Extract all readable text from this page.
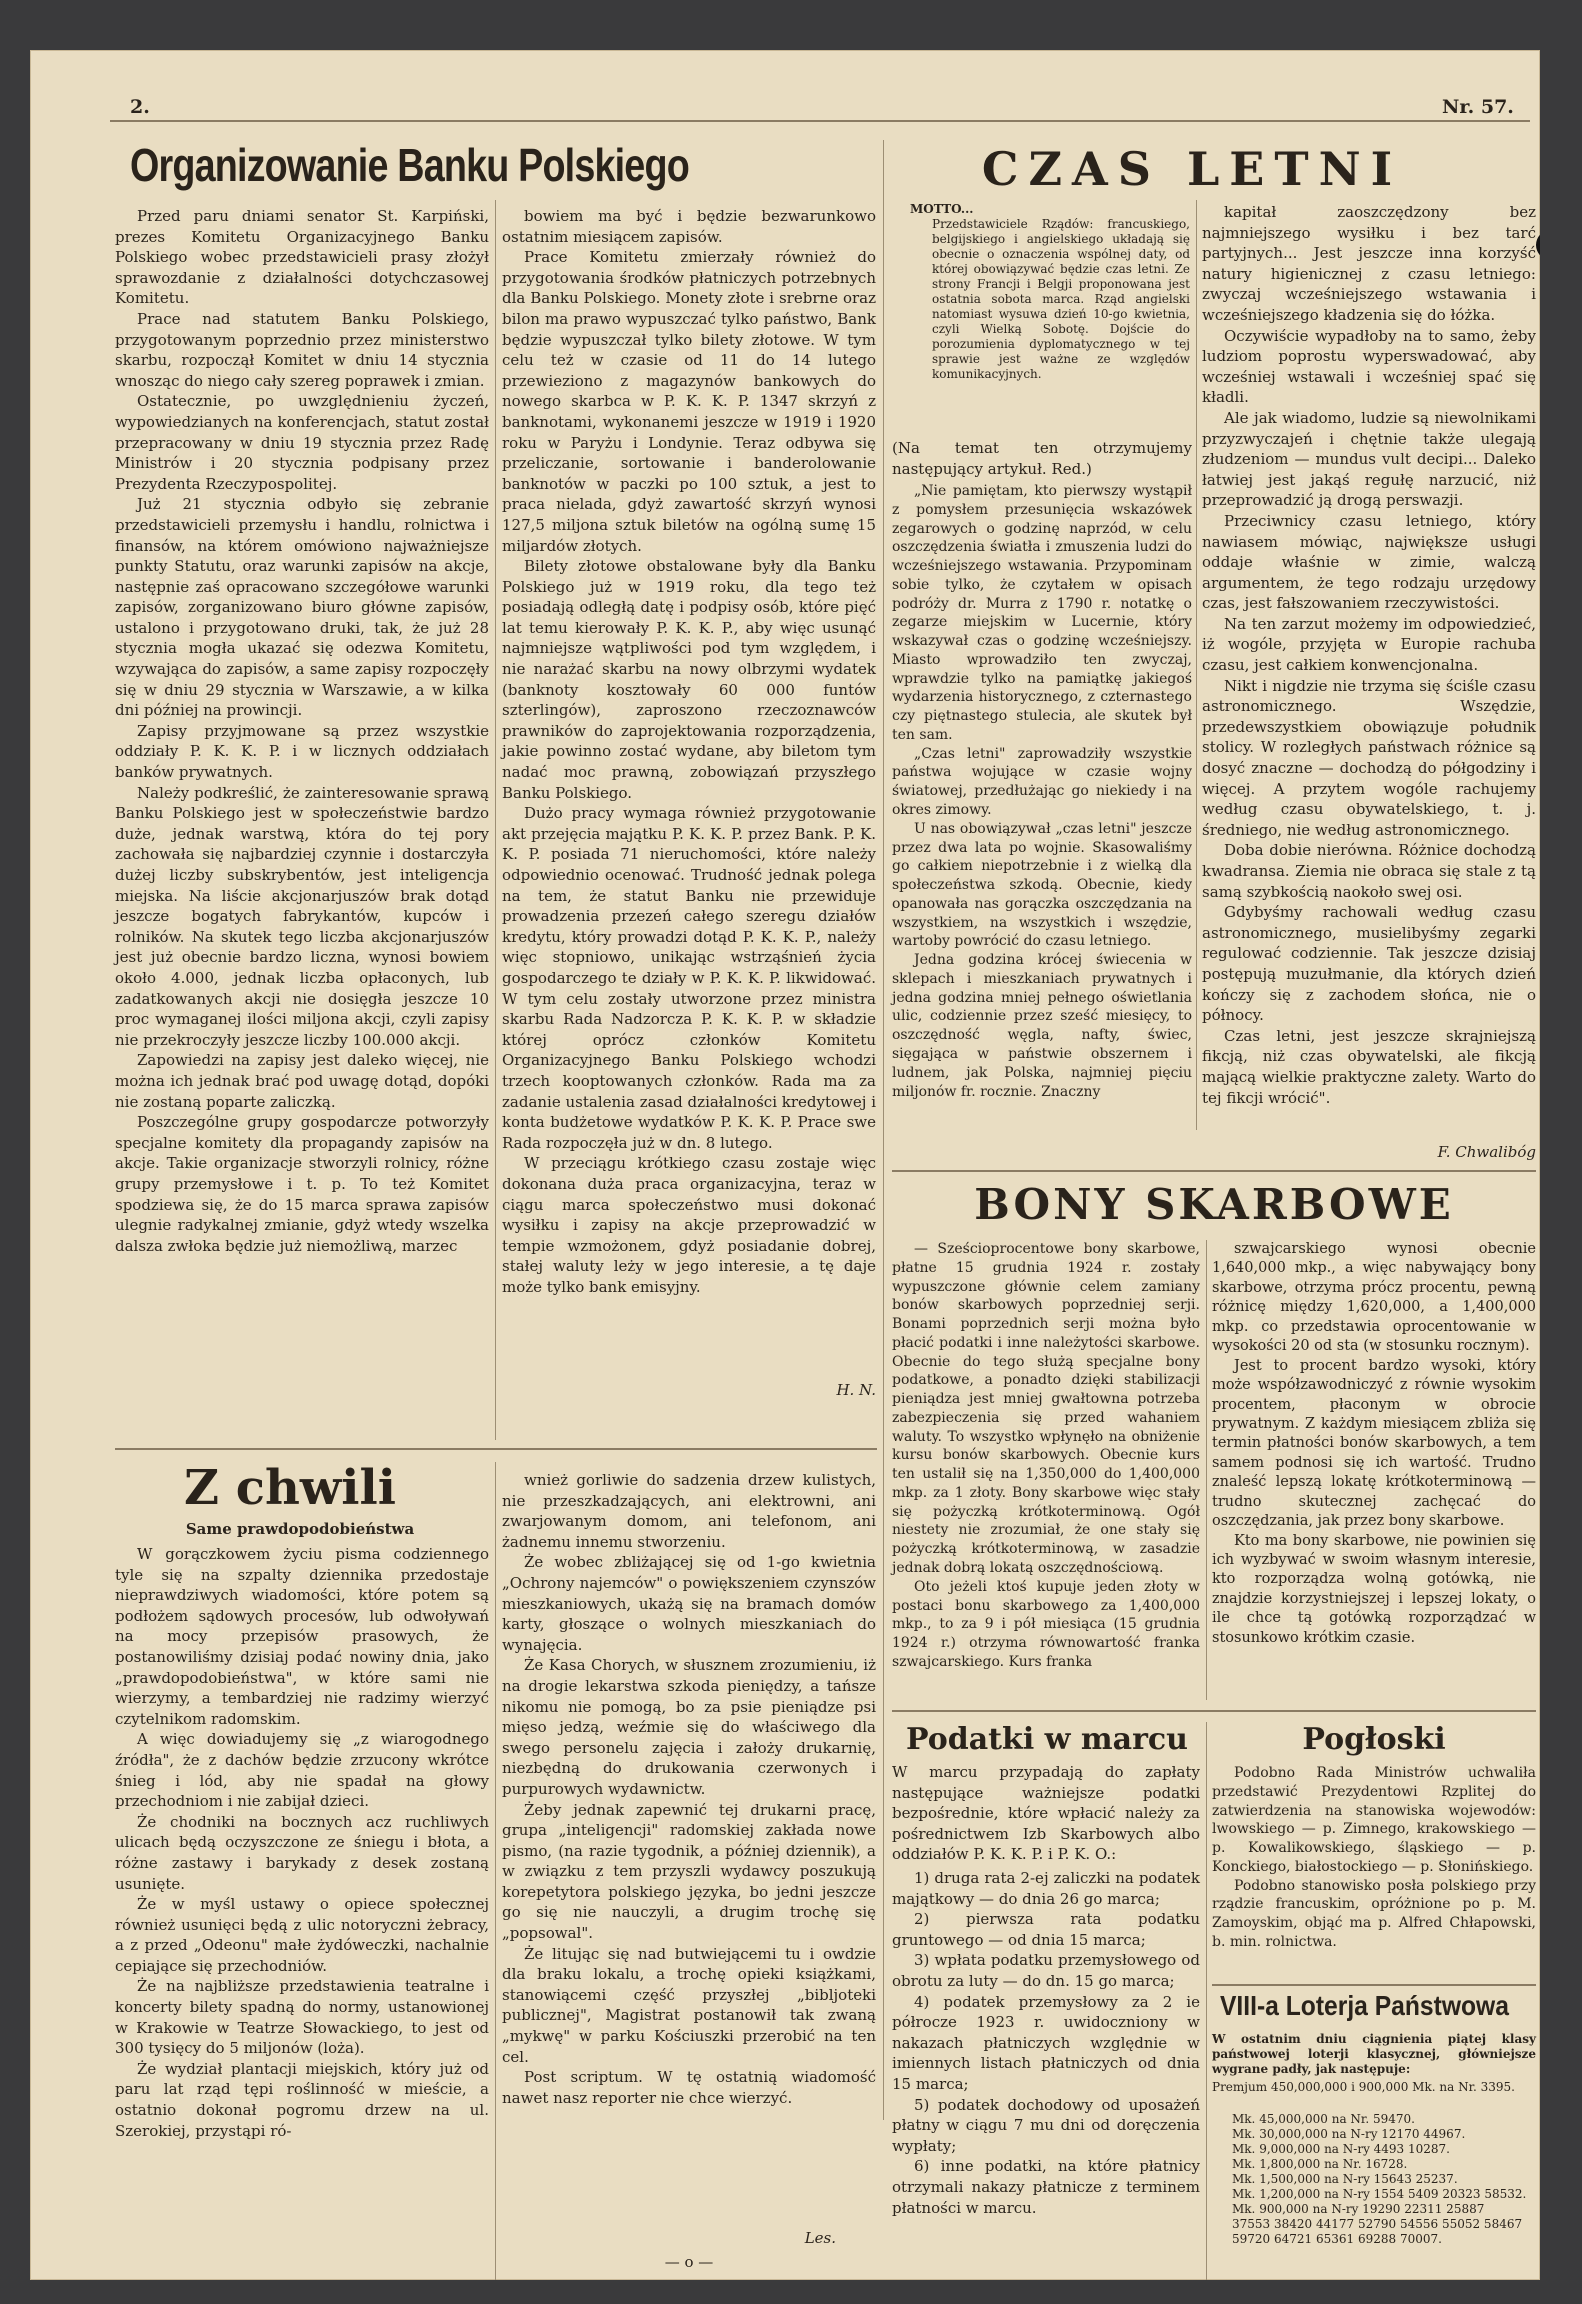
2.	Nr. 57.
Organizowanie Banku Polskiego

Przed paru dniami senator St. Karpiński, prezes Komitetu Organizacyjnego Banku Polskiego wobec przedstawicieli prasy złożył sprawozdanie z działalności dotychczasowej Komitetu.

Prace nad statutem Banku Polskiego, przygotowanym poprzednio przez ministerstwo skarbu, rozpoczął Komitet w dniu 14 stycznia wnosząc do niego cały szereg poprawek i zmian.

Ostatecznie, po uwzględnieniu życzeń, wypowiedzianych na konferencjach, statut został przepracowany w dniu 19 stycznia przez Radę Ministrów i 20 stycznia podpisany przez Prezydenta Rzeczypospolitej.

Już 21 stycznia odbyło się zebranie przedstawicieli przemysłu i handlu, rolnictwa i finansów, na którem omówiono najważniejsze punkty Statutu, oraz warunki zapisów na akcje, następnie zaś opracowano szczegółowe warunki zapisów, zorganizowano biuro główne zapisów, ustalono i przygotowano druki, tak, że już 28 stycznia mogła ukazać się odezwa Komitetu, wzywająca do zapisów, a same zapisy rozpoczęły się w dniu 29 stycznia w Warszawie, a w kilka dni później na prowincji.

Zapisy przyjmowane są przez wszystkie oddziały P. K. K. P. i w licznych oddziałach banków prywatnych.

Należy podkreślić, że zainteresowanie sprawą Banku Polskiego jest w społeczeństwie bardzo duże, jednak warstwą, która do tej pory zachowała się najbardziej czynnie i dostarczyła dużej liczby subskrybentów, jest inteligencja miejska. Na liście akcjonarjuszów brak dotąd jeszcze bogatych fabrykantów, kupców i rolników. Na skutek tego liczba akcjonarjuszów jest już obecnie bardzo liczna, wynosi bowiem około 4.000, jednak liczba opłaconych, lub zadatkowanych akcji nie dosięgła jeszcze 10 proc wymaganej ilości miljona akcji, czyli zapisy nie przekroczyły jeszcze liczby 100.000 akcji.

Zapowiedzi na zapisy jest daleko więcej, nie można ich jednak brać pod uwagę dotąd, dopóki nie zostaną poparte zaliczką.

Poszczególne grupy gospodarcze potworzyły specjalne komitety dla propagandy zapisów na akcje. Takie organizacje stworzyli rolnicy, różne grupy przemysłowe i t. p. To też Komitet spodziewa się, że do 15 marca sprawa zapisów ulegnie radykalnej zmianie, gdyż wtedy wszelka dalsza zwłoka będzie już niemożliwą, marzec

bowiem ma być i będzie bezwarunkowo ostatnim miesiącem zapisów.

Prace Komitetu zmierzały również do przygotowania środków płatniczych potrzebnych dla Banku Polskiego. Monety złote i srebrne oraz bilon ma prawo wypuszczać tylko państwo, Bank będzie wypuszczał tylko bilety złotowe. W tym celu też w czasie od 11 do 14 lutego przewieziono z magazynów bankowych do nowego skarbca w P. K. K. P. 1347 skrzyń z banknotami, wykonanemi jeszcze w 1919 i 1920 roku w Paryżu i Londynie. Teraz odbywa się przeliczanie, sortowanie i banderolowanie banknotów w paczki po 100 sztuk, a jest to praca nielada, gdyż zawartość skrzyń wynosi 127,5 miljona sztuk biletów na ogólną sumę 15 miljardów złotych.

Bilety złotowe obstalowane były dla Banku Polskiego już w 1919 roku, dla tego też posiadają odległą datę i podpisy osób, które pięć lat temu kierowały P. K. K. P., aby więc usunąć najmniejsze wątpliwości pod tym względem, i nie narażać skarbu na nowy olbrzymi wydatek (banknoty kosztowały 60 000 funtów szterlingów), zaproszono rzeczoznawców prawników do zaprojektowania rozporządzenia, jakie powinno zostać wydane, aby biletom tym nadać moc prawną, zobowiązań przyszłego Banku Polskiego.

Dużo pracy wymaga również przygotowanie akt przejęcia majątku P. K. K. P. przez Bank. P. K. K. P. posiada 71 nieruchomości, które należy odpowiednio ocenować. Trudność jednak polega na tem, że statut Banku nie przewiduje prowadzenia przezeń całego szeregu działów kredytu, który prowadzi dotąd P. K. K. P., należy więc stopniowo, unikając wstrząśnień życia gospodarczego te działy w P. K. K. P. likwidować. W tym celu zostały utworzone przez ministra skarbu Rada Nadzorcza P. K. K. P. w składzie której oprócz członków Komitetu Organizacyjnego Banku Polskiego wchodzi trzech kooptowanych członków. Rada ma za zadanie ustalenia zasad działalności kredytowej i konta budżetowe wydatków P. K. K. P. Prace swe Rada rozpoczęła już w dn. 8 lutego.

W przeciągu krótkiego czasu zostaje więc dokonana duża praca organizacyjna, teraz w ciągu marca społeczeństwo musi dokonać wysiłku i zapisy na akcje przeprowadzić w tempie wzmożonem, gdyż posiadanie dobrej, stałej waluty leży w jego interesie, a tę daje może tylko bank emisyjny.

H. N.
CZAS LETNI
MOTTO...
Przedstawiciele Rządów: francuskiego, belgijskiego i angielskiego układają się obecnie o oznaczenia wspólnej daty, od której obowiązywać będzie czas letni. Ze strony Francji i Belgji proponowana jest ostatnia sobota marca. Rząd angielski natomiast wysuwa dzień 10-go kwietnia, czyli Wielką Sobotę. Dojście do porozumienia dyplomatycznego w tej sprawie jest ważne ze względów komunikacyjnych.
(Na temat ten otrzymujemy następujący artykuł. Red.)

„Nie pamiętam, kto pierwszy wystąpił z pomysłem przesunięcia wskazówek zegarowych o godzinę naprzód, w celu oszczędzenia światła i zmuszenia ludzi do wcześniejszego wstawania. Przypominam sobie tylko, że czytałem w opisach podróży dr. Murra z 1790 r. notatkę o zegarze miejskim w Lucernie, który wskazywał czas o godzinę wcześniejszy. Miasto wprowadziło ten zwyczaj, wprawdzie tylko na pamiątkę jakiegoś wydarzenia historycznego, z czternastego czy piętnastego stulecia, ale skutek był ten sam.

„Czas letni" zaprowadziły wszystkie państwa wojujące w czasie wojny światowej, przedłużając go niekiedy i na okres zimowy.

U nas obowiązywał „czas letni" jeszcze przez dwa lata po wojnie. Skasowaliśmy go całkiem niepotrzebnie i z wielką dla społeczeństwa szkodą. Obecnie, kiedy opanowała nas gorączka oszczędzania na wszystkiem, na wszystkich i wszędzie, wartoby powrócić do czasu letniego.

Jedna godzina krócej świecenia w sklepach i mieszkaniach prywatnych i jedna godzina mniej pełnego oświetlania ulic, codziennie przez sześć miesięcy, to oszczędność węgla, nafty, świec, sięgająca w państwie obszernem i ludnem, jak Polska, najmniej pięciu miljonów fr. rocznie. Znaczny

kapitał zaoszczędzony bez najmniejszego wysiłku i bez tarć partyjnych... Jest jeszcze inna korzyść natury higienicznej z czasu letniego: zwyczaj wcześniejszego wstawania i wcześniejszego kładzenia się do łóżka.

Oczywiście wypadłoby na to samo, żeby ludziom poprostu wyperswadować, aby wcześniej wstawali i wcześniej spać się kładli.

Ale jak wiadomo, ludzie są niewolnikami przyzwyczajeń i chętnie także ulegają złudzeniom — mundus vult decipi... Daleko łatwiej jest jakąś regułę narzucić, niż przeprowadzić ją drogą perswazji.

Przeciwnicy czasu letniego, który nawiasem mówiąc, największe usługi oddaje właśnie w zimie, walczą argumentem, że tego rodzaju urzędowy czas, jest fałszowaniem rzeczywistości.

Na ten zarzut możemy im odpowiedzieć, iż wogóle, przyjęta w Europie rachuba czasu, jest całkiem konwencjonalna.

Nikt i nigdzie nie trzyma się ściśle czasu astronomicznego. Wszędzie, przedewszystkiem obowiązuje południk stolicy. W rozległych państwach różnice są dosyć znaczne — dochodzą do półgodziny i więcej. A przytem wogóle rachujemy według czasu obywatelskiego, t. j. średniego, nie według astronomicznego.

Doba dobie nierówna. Różnice dochodzą kwadransa. Ziemia nie obraca się stale z tą samą szybkością naokoło swej osi.

Gdybyśmy rachowali według czasu astronomicznego, musielibyśmy zegarki regulować codziennie. Tak jeszcze dzisiaj postępują muzułmanie, dla których dzień kończy się z zachodem słońca, nie o północy.

Czas letni, jest jeszcze skrajniejszą fikcją, niż czas obywatelski, ale fikcją mającą wielkie praktyczne zalety. Warto do tej fikcji wrócić".

F. Chwalibóg
BONY SKARBOWE

— Sześcioprocentowe bony skarbowe, płatne 15 grudnia 1924 r. zostały wypuszczone głównie celem zamiany bonów skarbowych poprzedniej serji. Bonami poprzednich serji można było płacić podatki i inne należytości skarbowe. Obecnie do tego służą specjalne bony podatkowe, a ponadto dzięki stabilizacji pieniądza jest mniej gwałtowna potrzeba zabezpieczenia się przed wahaniem waluty. To wszystko wpłynęło na obniżenie kursu bonów skarbowych. Obecnie kurs ten ustalił się na 1,350,000 do 1,400,000 mkp. za 1 złoty. Bony skarbowe więc stały się pożyczką krótkoterminową. Ogół niestety nie zrozumiał, że one stały się pożyczką krótkoterminową, w zasadzie jednak dobrą lokatą oszczędnościową.

Oto jeżeli ktoś kupuje jeden złoty w postaci bonu skarbowego za 1,400,000 mkp., to za 9 i pół miesiąca (15 grudnia 1924 r.) otrzyma równowartość franka szwajcarskiego. Kurs franka

szwajcarskiego wynosi obecnie 1,640,000 mkp., a więc nabywający bony skarbowe, otrzyma prócz procentu, pewną różnicę między 1,620,000, a 1,400,000 mkp. co przedstawia oprocentowanie w wysokości 20 od sta (w stosunku rocznym).

Jest to procent bardzo wysoki, który może współzawodniczyć z równie wysokim procentem, płaconym w obrocie prywatnym. Z każdym miesiącem zbliża się termin płatności bonów skarbowych, a tem samem podnosi się ich wartość. Trudno znaleść lepszą lokatę krótkoterminową — trudno skutecznej zachęcać do oszczędzania, jak przez bony skarbowe.

Kto ma bony skarbowe, nie powinien się ich wyzbywać w swoim własnym interesie, kto rozporządza wolną gotówką, nie znajdzie korzystniejszej i lepszej lokaty, o ile chce tą gotówką rozporządzać w stosunkowo krótkim czasie.

Z chwili
Same prawdopodobieństwa

W gorączkowem życiu pisma codziennego tyle się na szpalty dziennika przedostaje nieprawdziwych wiadomości, które potem są podłożem sądowych procesów, lub odwoływań na mocy przepisów prasowych, że postanowiliśmy dzisiaj podać nowiny dnia, jako „prawdopodobieństwa", w które sami nie wierzymy, a tembardziej nie radzimy wierzyć czytelnikom radomskim.

A więc dowiadujemy się „z wiarogodnego źródła", że z dachów będzie zrzucony wkrótce śnieg i lód, aby nie spadał na głowy przechodniom i nie zabijał dzieci.

Że chodniki na bocznych acz ruchliwych ulicach będą oczyszczone ze śniegu i błota, a różne zastawy i barykady z desek zostaną usunięte.

Że w myśl ustawy o opiece społecznej również usunięci będą z ulic notoryczni żebracy, a z przed „Odeonu" małe żydóweczki, nachalnie cepiające się przechodniów.

Że na najbliższe przedstawienia teatralne i koncerty bilety spadną do normy, ustanowionej w Krakowie w Teatrze Słowackiego, to jest od 300 tysięcy do 5 miljonów (loża).

Że wydział plantacji miejskich, który już od paru lat rząd tępi roślinność w mieście, a ostatnio dokonał pogromu drzew na ul. Szerokiej, przystąpi ró-

wnież gorliwie do sadzenia drzew kulistych, nie przeszkadzających, ani elektrowni, ani zwarjowanym domom, ani telefonom, ani żadnemu innemu stworzeniu.

Że wobec zbliżającej się od 1-go kwietnia „Ochrony najemców" o powiększeniem czynszów mieszkaniowych, ukażą się na bramach domów karty, głoszące o wolnych mieszkaniach do wynajęcia.

Że Kasa Chorych, w słusznem zrozumieniu, iż na drogie lekarstwa szkoda pieniędzy, a tańsze nikomu nie pomogą, bo za psie pieniądze psi mięso jedzą, weźmie się do właściwego dla swego personelu zajęcia i założy drukarnię, niezbędną do drukowania czerwonych i purpurowych wydawnictw.

Żeby jednak zapewnić tej drukarni pracę, grupa „inteligencji" radomskiej zakłada nowe pismo, (na razie tygodnik, a później dziennik), a w związku z tem przyszli wydawcy poszukują korepetytora polskiego języka, bo jedni jeszcze go się nie nauczyli, a drugim trochę się „popsowal".

Że litując się nad butwiejącemi tu i owdzie dla braku lokalu, a trochę opieki książkami, stanowiącemi część przyszłej „bibljoteki publicznej", Magistrat postanowił tak zwaną „mykwę" w parku Kościuszki przerobić na ten cel.

Post scriptum. W tę ostatnią wiadomość nawet nasz reporter nie chce wierzyć.

Les.
— o —
Podatki w marcu
W marcu przypadają do zapłaty następujące ważniejsze podatki bezpośrednie, które wpłacić należy za pośrednictwem Izb Skarbowych albo oddziałów P. K. K. P. i P. K. O.:

1) druga rata 2-ej zaliczki na podatek majątkowy — do dnia 26 go marca;

2) pierwsza rata podatku gruntowego — od dnia 15 marca;

3) wpłata podatku przemysłowego od obrotu za luty — do dn. 15 go marca;

4) podatek przemysłowy za 2 ie półrocze 1923 r. uwidoczniony w nakazach płatniczych względnie w imiennych listach płatniczych od dnia 15 marca;

5) podatek dochodowy od uposażeń płatny w ciągu 7 mu dni od doręczenia wypłaty;

6) inne podatki, na które płatnicy otrzymali nakazy płatnicze z terminem płatności w marcu.

Pogłoski

Podobno Rada Ministrów uchwaliła przedstawić Prezydentowi Rzplitej do zatwierdzenia na stanowiska wojewodów: lwowskiego — p. Zimnego, krakowskiego — p. Kowalikowskiego, śląskiego — p. Konckiego, białostockiego — p. Słonińskiego.

Podobno stanowisko posła polskiego przy rządzie francuskim, opróżnione po p. M. Zamoyskim, objąć ma p. Alfred Chłapowski, b. min. rolnictwa.

VIII-a Loterja Państwowa
W ostatnim dniu ciągnienia piątej klasy państwowej loterji klasycznej, główniejsze wygrane padły, jak następuje:
Premjum 450,000,000 i 900,000 Mk. na Nr. 3395.
Mk. 45,000,000 na Nr. 59470.
Mk. 30,000,000 na N-ry 12170 44967.
Mk. 9,000,000 na N-ry 4493 10287.
Mk. 1,800,000 na Nr. 16728.
Mk. 1,500,000 na N-ry 15643 25237.
Mk. 1,200,000 na N-ry 1554 5409 20323 58532.
Mk. 900,000 na N-ry 19290 22311 25887
37553 38420 44177 52790 54556 55052 58467
59720 64721 65361 69288 70007.
